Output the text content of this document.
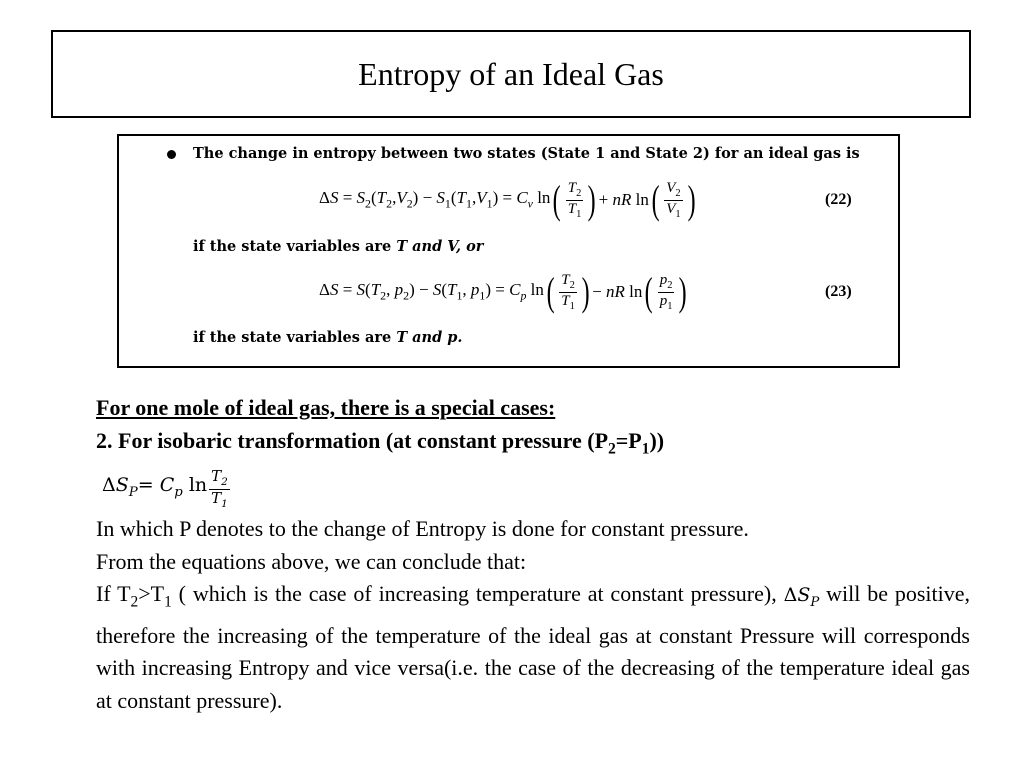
Entropy of an Ideal Gas
The change in entropy between two states (State 1 and State 2) for an ideal gas is
$\Delta S = S_2(T_2,V_2) - S_1(T_1,V_1) = C_v$ ln ( $\frac{T_2}{T_1}$ ) + nR ln ( $\frac{V_2}{V_1}$ )	(22)
if the state variables are T and V, or
$\Delta S = S(T_2$, $p_2) - S(T_1$, $p_1) = C_p$ ln ( $\frac{T_2}{T_1}$ ) − nR ln ( $\frac{p_2}{p_1}$ )	(23)
if the state variables are T and p.
For one mole of ideal gas, there is a special cases:
2. For isobaric transformation (at constant pressure $(P_2=P_1)$)
$\Delta S_P= C_p$ $\ln \frac{T_2}{T_1}$
In which P denotes to the change of Entropy is done for constant pressure.
From the equations above, we can conclude that:
If $T_2>T_1$ ( which is the case of increasing temperature at constant pressure), $\Delta S_P$ will be positive, therefore the increasing of the temperature of the ideal gas at constant Pressure will corresponds with increasing Entropy and vice versa(i.e. the case of the decreasing of the temperature ideal gas at constant pressure).
